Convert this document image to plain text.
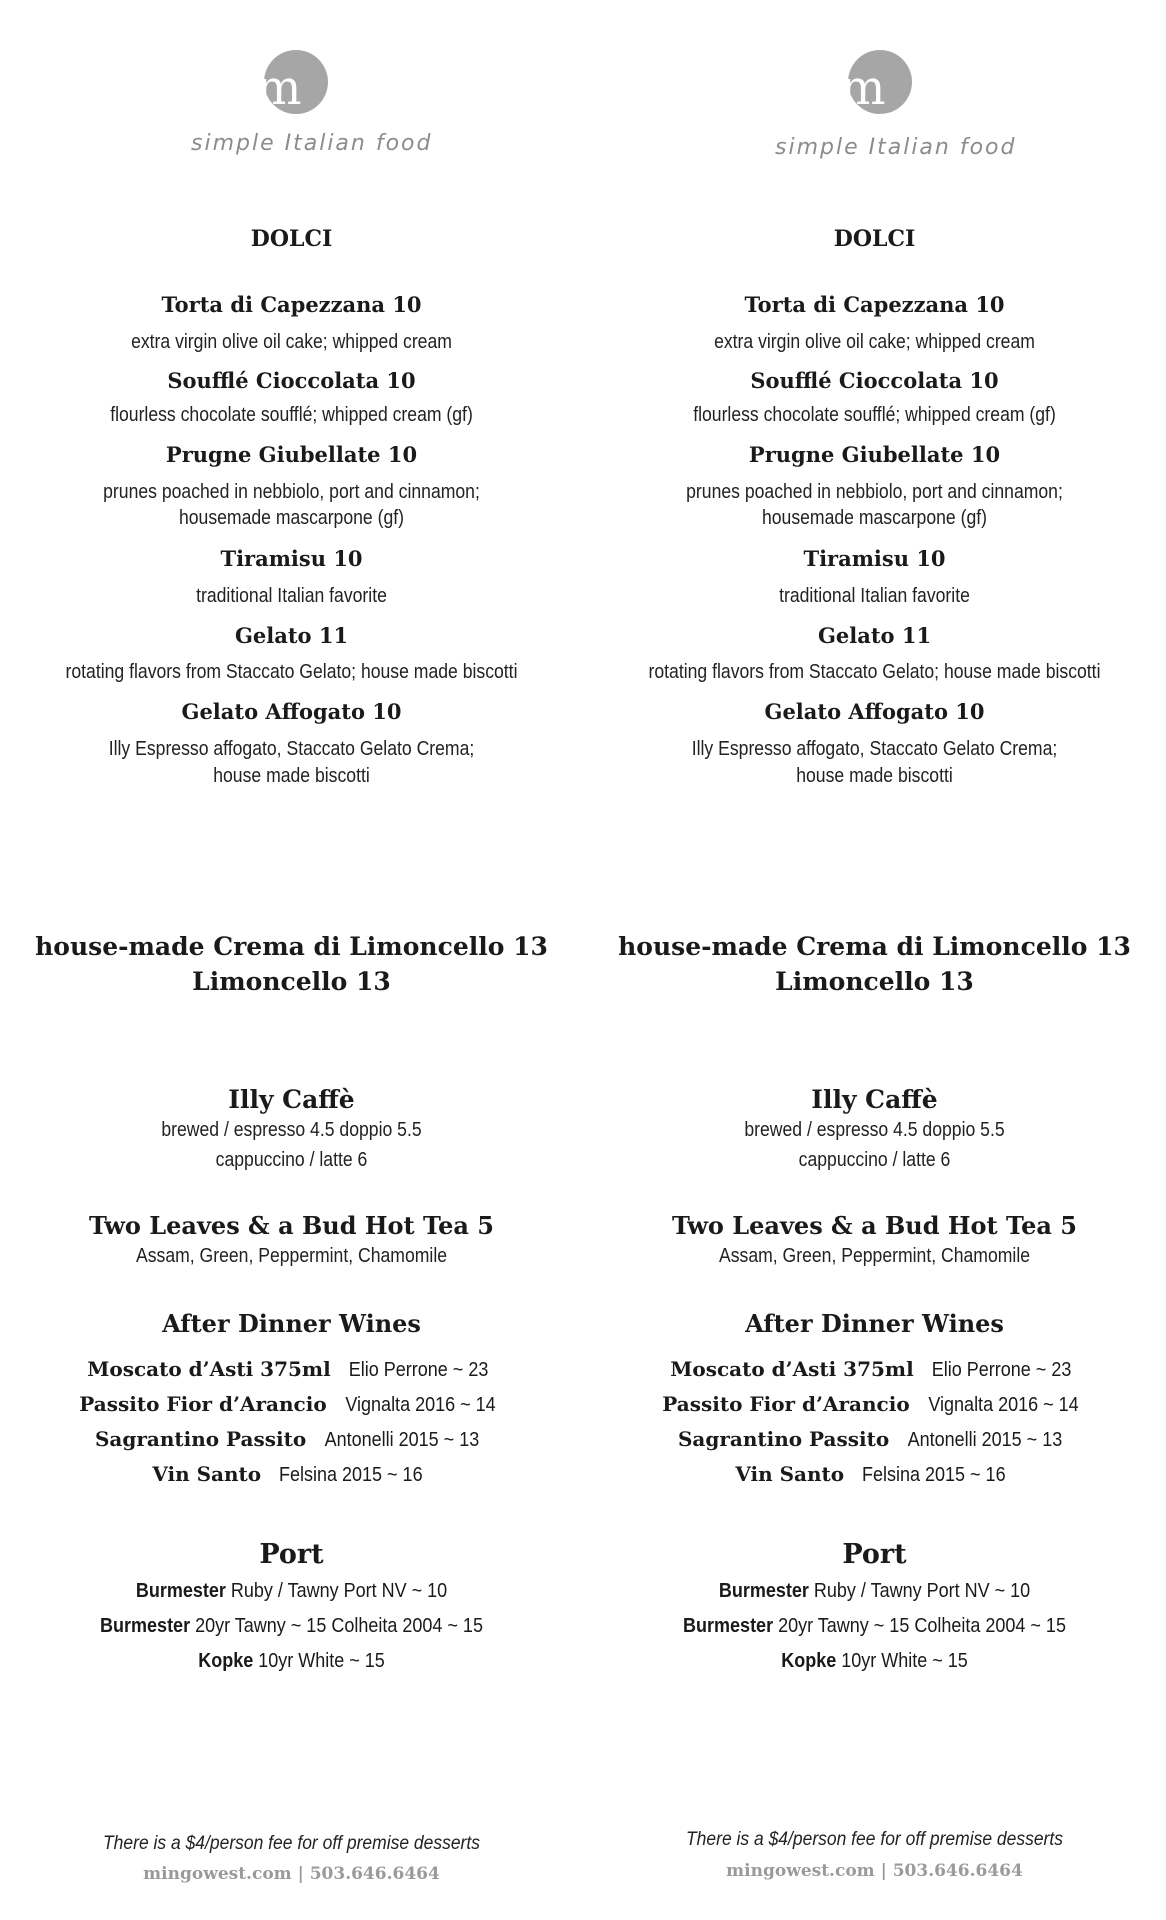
m
simple Italian food
DOLCI
Torta di Capezzana 10
extra virgin olive oil cake; whipped cream
Soufflé Cioccolata 10
flourless chocolate soufflé; whipped cream (gf)
Prugne Giubellate 10
prunes poached in nebbiolo, port and cinnamon;
housemade mascarpone (gf)
Tiramisu 10
traditional Italian favorite
Gelato 11
rotating flavors from Staccato Gelato; house made biscotti
Gelato Affogato 10
Illy Espresso affogato, Staccato Gelato Crema;
house made biscotti
house-made Crema di Limoncello 13
Limoncello 13
Illy Caffè
brewed / espresso 4.5 doppio 5.5
cappuccino / latte 6
Two Leaves & a Bud Hot Tea 5
Assam, Green, Peppermint, Chamomile
After Dinner Wines
Moscato d’Asti 375ml Elio Perrone ~ 23
Passito Fior d’Arancio Vignalta 2016 ~ 14
Sagrantino Passito Antonelli 2015 ~ 13
Vin Santo Felsina 2015 ~ 16
Port
Burmester Ruby / Tawny Port NV ~ 10
Burmester 20yr Tawny ~ 15 Colheita 2004 ~ 15
Kopke 10yr White ~ 15
There is a $4/person fee for off premise desserts
mingowest.com | 503.646.6464
m
simple Italian food
DOLCI
Torta di Capezzana 10
extra virgin olive oil cake; whipped cream
Soufflé Cioccolata 10
flourless chocolate soufflé; whipped cream (gf)
Prugne Giubellate 10
prunes poached in nebbiolo, port and cinnamon;
housemade mascarpone (gf)
Tiramisu 10
traditional Italian favorite
Gelato 11
rotating flavors from Staccato Gelato; house made biscotti
Gelato Affogato 10
Illy Espresso affogato, Staccato Gelato Crema;
house made biscotti
house-made Crema di Limoncello 13
Limoncello 13
Illy Caffè
brewed / espresso 4.5 doppio 5.5
cappuccino / latte 6
Two Leaves & a Bud Hot Tea 5
Assam, Green, Peppermint, Chamomile
After Dinner Wines
Moscato d’Asti 375ml Elio Perrone ~ 23
Passito Fior d’Arancio Vignalta 2016 ~ 14
Sagrantino Passito Antonelli 2015 ~ 13
Vin Santo Felsina 2015 ~ 16
Port
Burmester Ruby / Tawny Port NV ~ 10
Burmester 20yr Tawny ~ 15 Colheita 2004 ~ 15
Kopke 10yr White ~ 15
There is a $4/person fee for off premise desserts
mingowest.com | 503.646.6464
